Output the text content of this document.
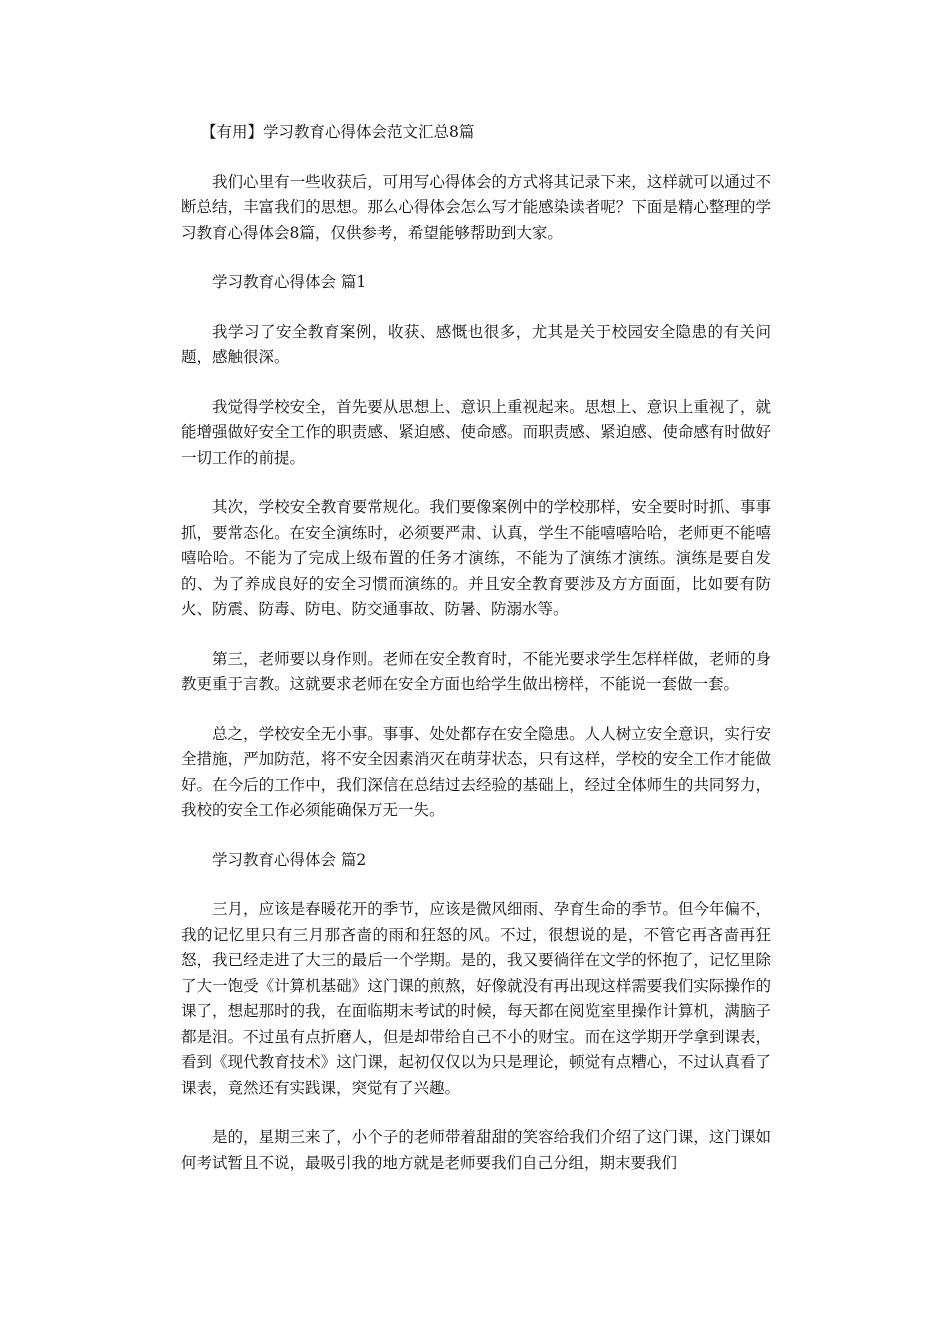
【有用】学习教育心得体会范文汇总8篇

我们心里有一些收获后，可用写心得体会的方式将其记录下来，这样就可以通过不断总结，丰富我们的思想。那么心得体会怎么写才能感染读者呢？下面是精心整理的学习教育心得体会8篇，仅供参考，希望能够帮助到大家。

学习教育心得体会 篇1

我学习了安全教育案例，收获、感慨也很多，尤其是关于校园安全隐患的有关问题，感触很深。

我觉得学校安全，首先要从思想上、意识上重视起来。思想上、意识上重视了，就能增强做好安全工作的职责感、紧迫感、使命感。而职责感、紧迫感、使命感有时做好一切工作的前提。

其次，学校安全教育要常规化。我们要像案例中的学校那样，安全要时时抓、事事抓，要常态化。在安全演练时，必须要严肃、认真，学生不能嘻嘻哈哈，老师更不能嘻嘻哈哈。不能为了完成上级布置的任务才演练，不能为了演练才演练。演练是要自发的、为了养成良好的安全习惯而演练的。并且安全教育要涉及方方面面，比如要有防火、防震、防毒、防电、防交通事故、防暑、防溺水等。

第三，老师要以身作则。老师在安全教育时，不能光要求学生怎样样做，老师的身教更重于言教。这就要求老师在安全方面也给学生做出榜样，不能说一套做一套。

总之，学校安全无小事。事事、处处都存在安全隐患。人人树立安全意识，实行安全措施，严加防范，将不安全因素消灭在萌芽状态，只有这样，学校的安全工作才能做好。在今后的工作中，我们深信在总结过去经验的基础上，经过全体师生的共同努力，我校的安全工作必须能确保万无一失。

学习教育心得体会 篇2

三月，应该是春暖花开的季节，应该是微风细雨、孕育生命的季节。但今年偏不，我的记忆里只有三月那吝啬的雨和狂怒的风。不过，很想说的是，不管它再吝啬再狂怒，我已经走进了大三的最后一个学期。是的，我又要徜徉在文学的怀抱了，记忆里除了大一饱受《计算机基础》这门课的煎熬，好像就没有再出现这样需要我们实际操作的课了，想起那时的我，在面临期末考试的时候，每天都在阅览室里操作计算机，满脑子都是泪。不过虽有点折磨人，但是却带给自己不小的财宝。而在这学期开学拿到课表，看到《现代教育技术》这门课，起初仅仅以为只是理论，顿觉有点糟心，不过认真看了课表，竟然还有实践课，突觉有了兴趣。

是的，星期三来了，小个子的老师带着甜甜的笑容给我们介绍了这门课，这门课如何考试暂且不说，最吸引我的地方就是老师要我们自己分组，期末要我们
